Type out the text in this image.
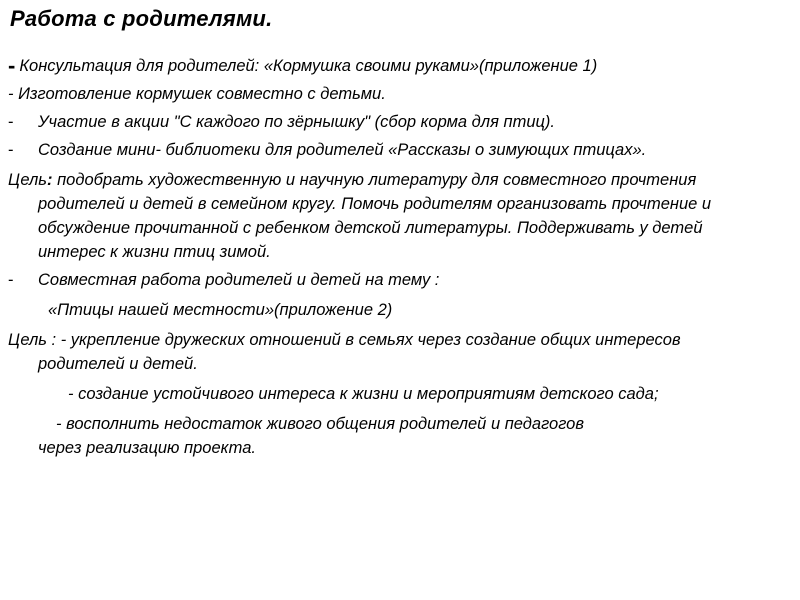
Работа с родителями.
- Консультация для родителей: «Кормушка своими руками»(приложение 1)
- Изготовление кормушек совместно с детьми.
- Участие в акции "С каждого по зёрнышку" (сбор корма для птиц).
- Создание мини- библиотеки для родителей «Рассказы о зимующих птицах».
Цель: подобрать художественную и научную литературу для совместного прочтения родителей и детей в семейном кругу. Помочь родителям организовать прочтение и обсуждение прочитанной с ребенком детской литературы. Поддерживать у детей интерес к жизни птиц зимой.
- Совместная работа родителей и детей на тему :
«Птицы нашей местности»(приложение 2)
Цель : - укрепление дружеских отношений в семьях через создание общих интересов родителей и детей.
- создание устойчивого интереса к жизни и мероприятиям детского сада;
- восполнить недостаток живого общения родителей и педагогов
через реализацию проекта.
